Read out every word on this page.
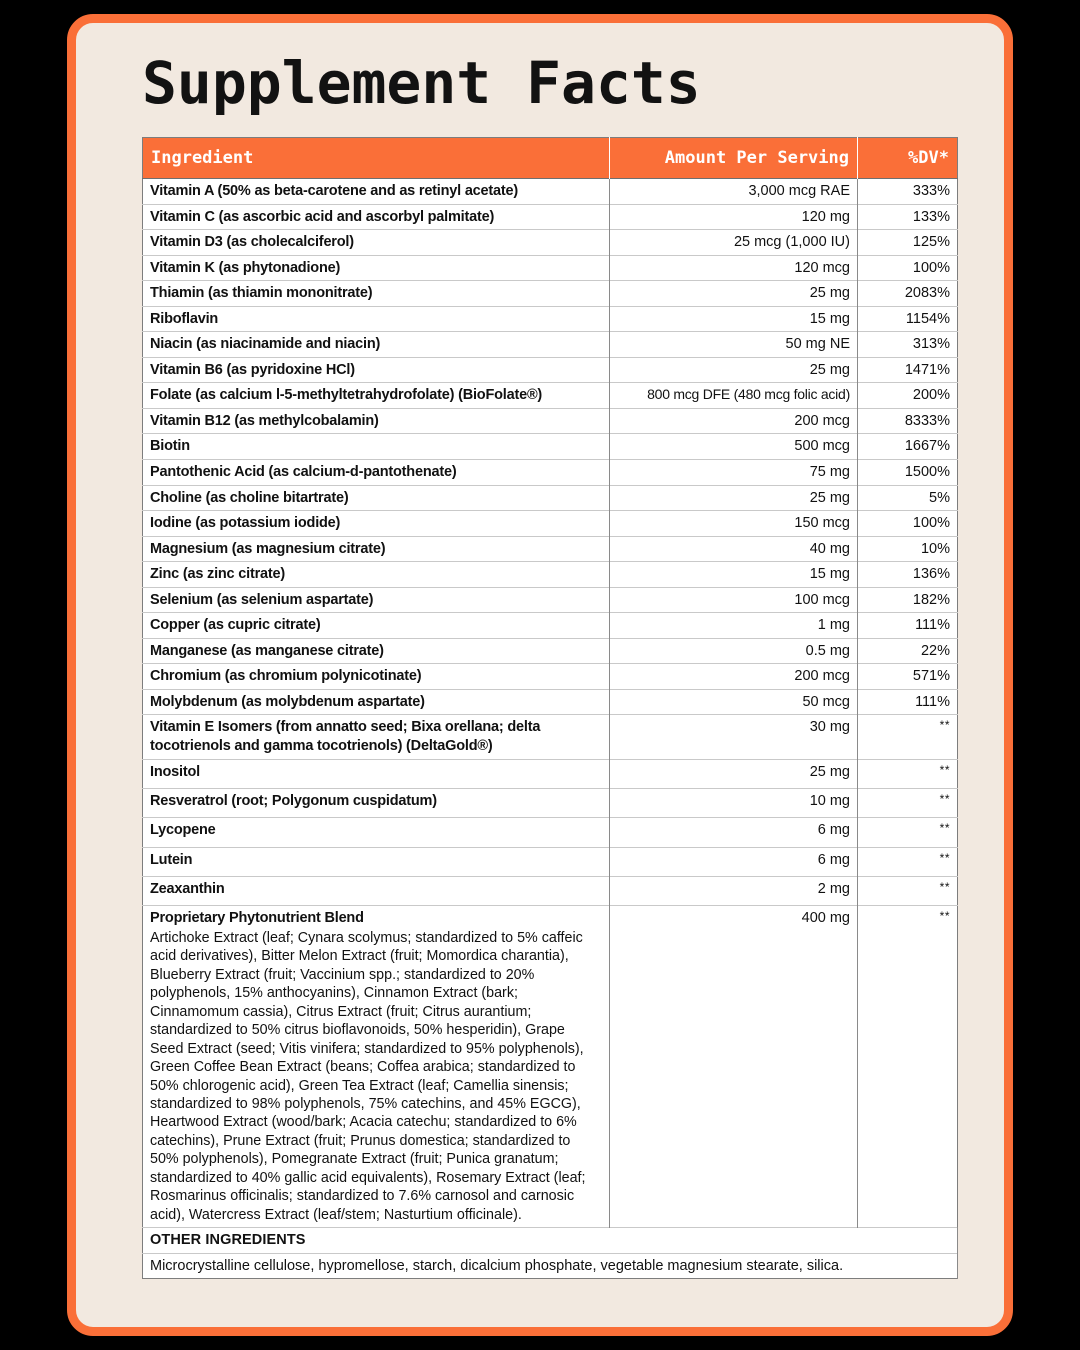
Supplement Facts
Ingredient	Amount Per Serving	%DV*
Vitamin A (50% as beta-carotene and as retinyl acetate)	3,000 mcg RAE	333%
Vitamin C (as ascorbic acid and ascorbyl palmitate)	120 mg	133%
Vitamin D3 (as cholecalciferol)	25 mcg (1,000 IU)	125%
Vitamin K (as phytonadione)	120 mcg	100%
Thiamin (as thiamin mononitrate)	25 mg	2083%
Riboflavin	15 mg	1154%
Niacin (as niacinamide and niacin)	50 mg NE	313%
Vitamin B6 (as pyridoxine HCl)	25 mg	1471%
Folate (as calcium l-5-methyltetrahydrofolate) (BioFolate®)	800 mcg DFE (480 mcg folic acid)	200%
Vitamin B12 (as methylcobalamin)	200 mcg	8333%
Biotin	500 mcg	1667%
Pantothenic Acid (as calcium-d-pantothenate)	75 mg	1500%
Choline (as choline bitartrate)	25 mg	5%
Iodine (as potassium iodide)	150 mcg	100%
Magnesium (as magnesium citrate)	40 mg	10%
Zinc (as zinc citrate)	15 mg	136%
Selenium (as selenium aspartate)	100 mcg	182%
Copper (as cupric citrate)	1 mg	111%
Manganese (as manganese citrate)	0.5 mg	22%
Chromium (as chromium polynicotinate)	200 mcg	571%
Molybdenum (as molybdenum aspartate)	50 mcg	111%
Vitamin E Isomers (from annatto seed; Bixa orellana; delta tocotrienols and gamma tocotrienols) (DeltaGold®)	30 mg	**
Inositol	25 mg	**
Resveratrol (root; Polygonum cuspidatum)	10 mg	**
Lycopene	6 mg	**
Lutein	6 mg	**
Zeaxanthin	2 mg	**

Proprietary Phytonutrient Blend
Artichoke Extract (leaf; Cynara scolymus; standardized to 5% caffeic acid derivatives), Bitter Melon Extract (fruit; Momordica charantia), Blueberry Extract (fruit; Vaccinium spp.; standardized to 20% polyphenols, 15% anthocyanins), Cinnamon Extract (bark; Cinnamomum cassia), Citrus Extract (fruit; Citrus aurantium; standardized to 50% citrus bioflavonoids, 50% hesperidin), Grape Seed Extract (seed; Vitis vinifera; standardized to 95% polyphenols), Green Coffee Bean Extract (beans; Coffea arabica; standardized to 50% chlorogenic acid), Green Tea Extract (leaf; Camellia sinensis; standardized to 98% polyphenols, 75% catechins, and 45% EGCG), Heartwood Extract (wood/bark; Acacia catechu; standardized to 6% catechins), Prune Extract (fruit; Prunus domestica; standardized to 50% polyphenols), Pomegranate Extract (fruit; Punica granatum; standardized to 40% gallic acid equivalents), Rosemary Extract (leaf; Rosmarinus officinalis; standardized to 7.6% carnosol and carnosic acid), Watercress Extract (leaf/stem; Nasturtium officinale).	400 mg	**
OTHER INGREDIENTS		
Microcrystalline cellulose, hypromellose, starch, dicalcium phosphate, vegetable magnesium stearate, silica.		
